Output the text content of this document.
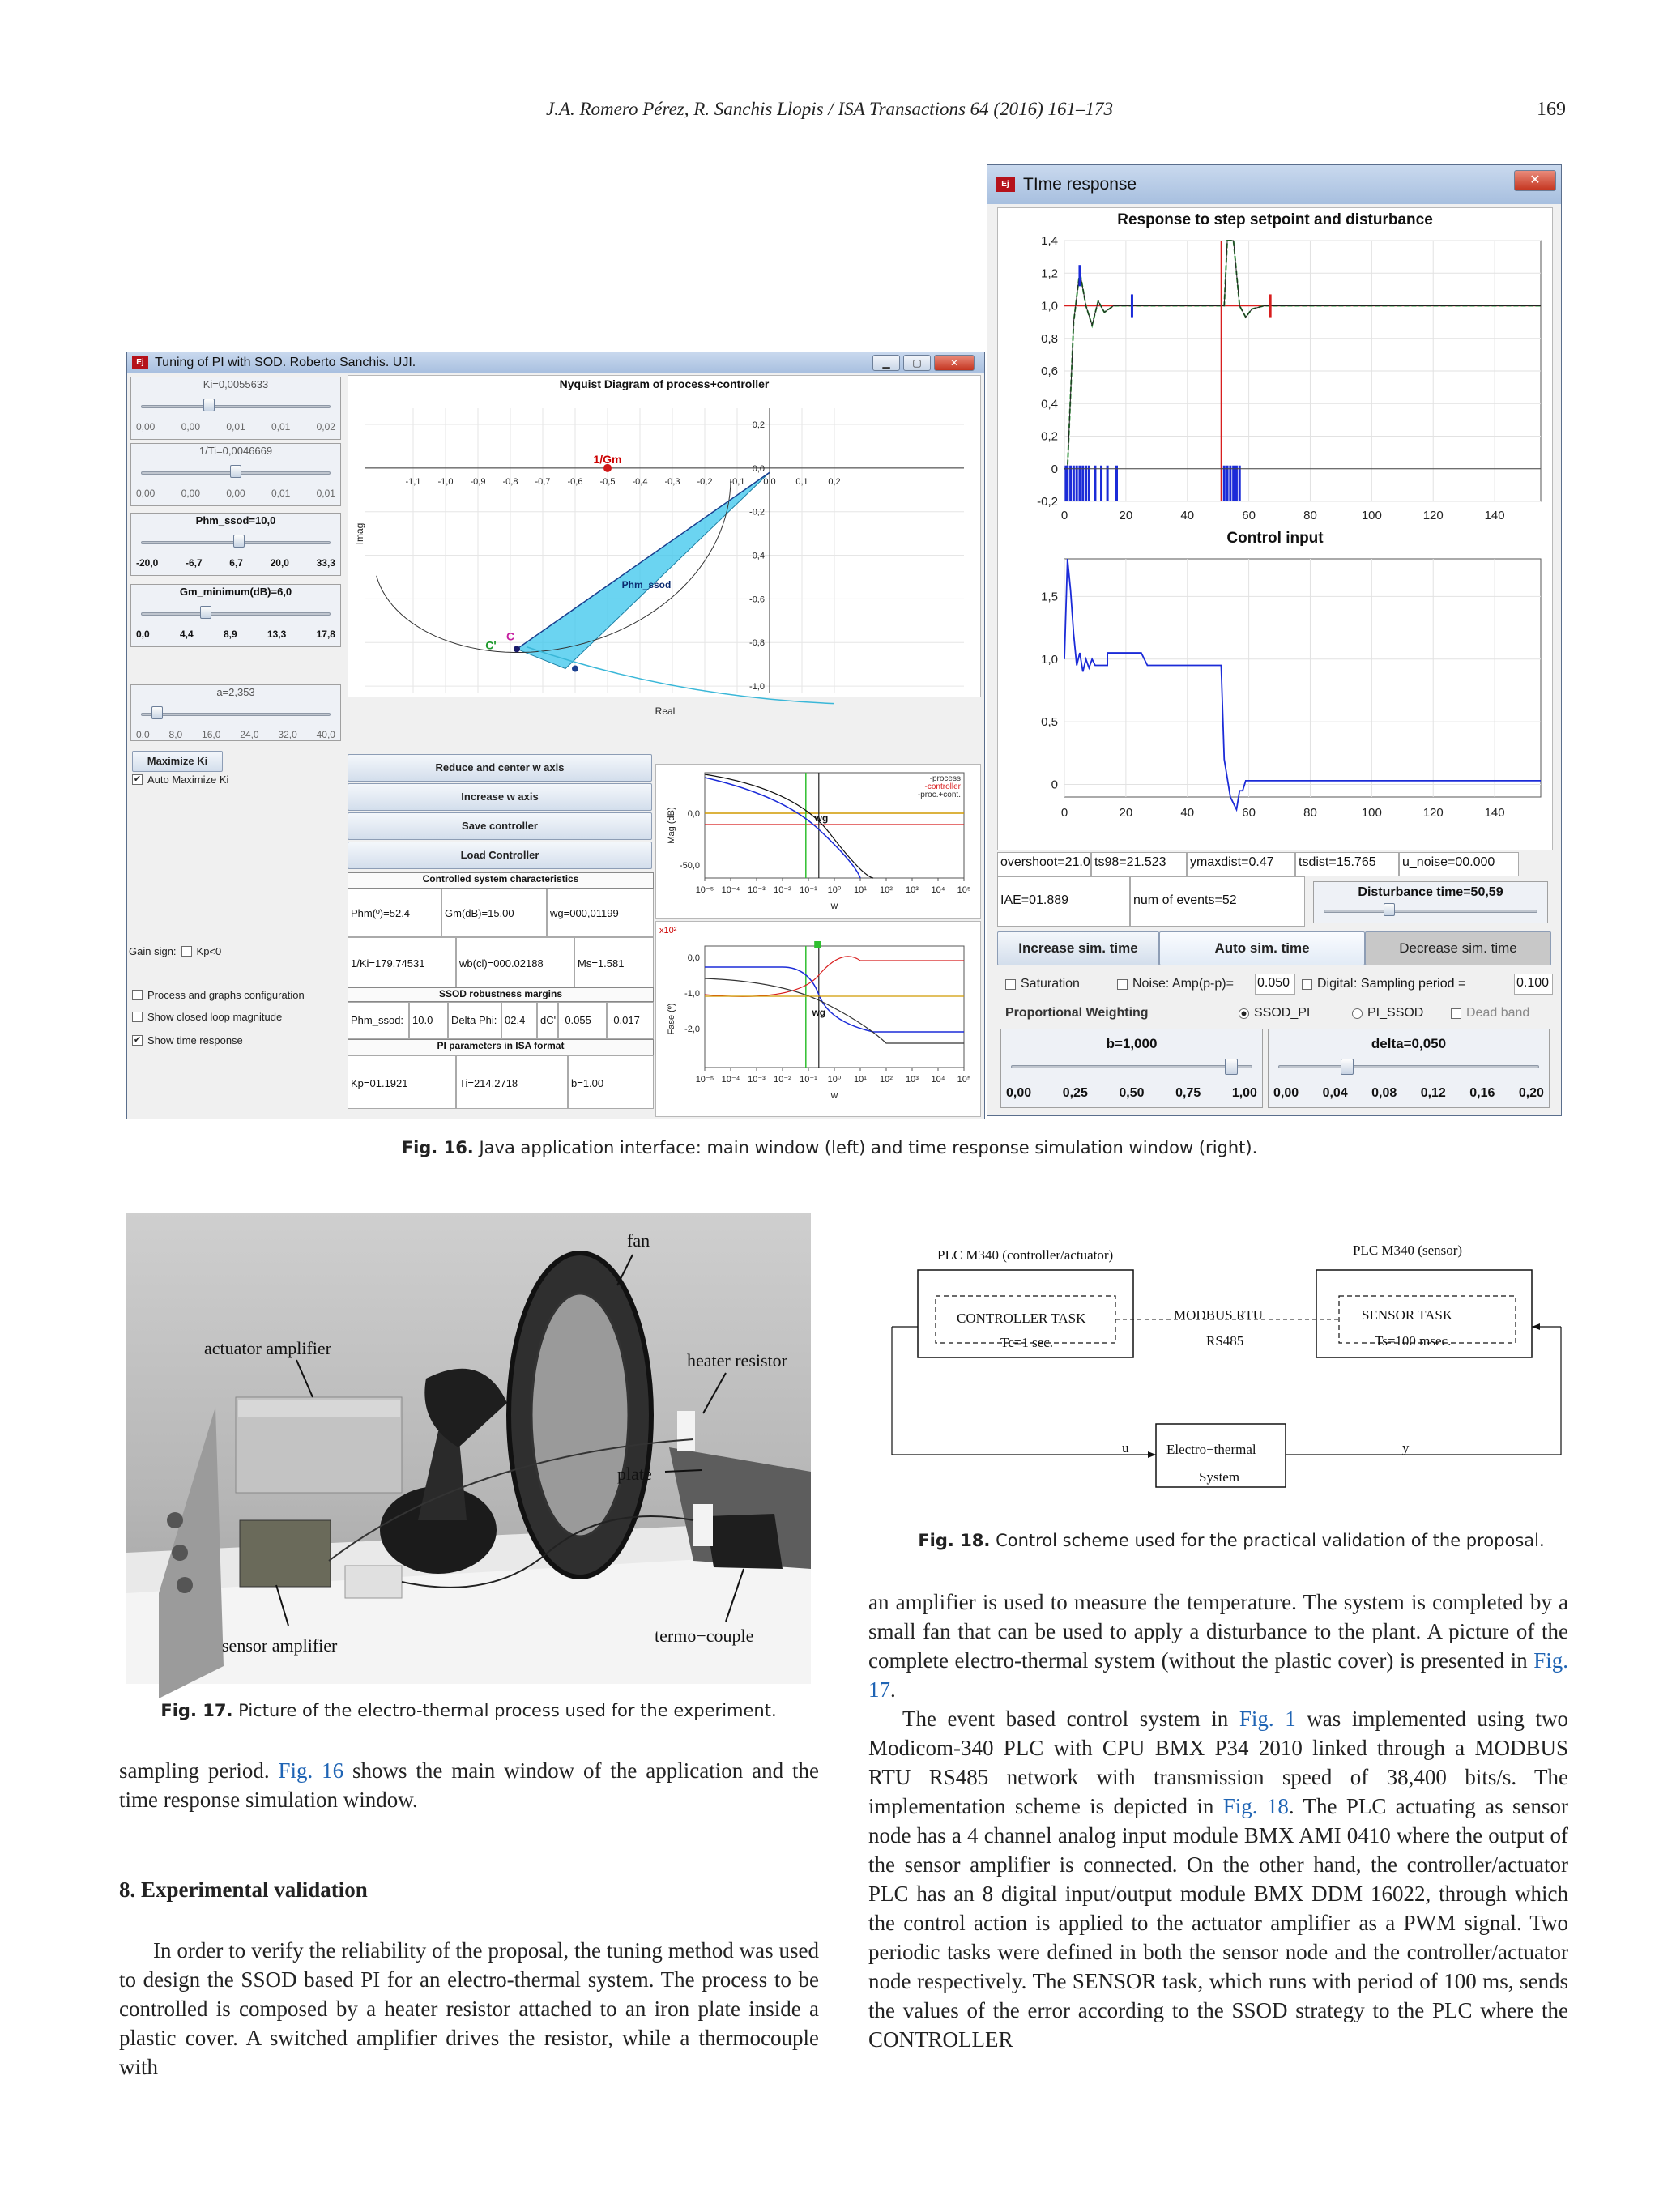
J.A. Romero Pérez, R. Sanchis Llopis / ISA Transactions 64 (2016) 161–173	169
Ej Tuning of PI with SOD. Roberto Sanchis. UJI.	▁	▢	✕
Ki=0,0055633
0,00	0,00	0,01	0,01	0,02
1/Ti=0,0046669
0,00	0,00	0,00	0,01	0,01
Phm_ssod=10,0
-20,0	-6,7	6,7	20,0	33,3
Gm_minimum(dB)=6,0
0,0	4,4	8,9	13,3	17,8
a=2,353
0,0 8,0 16,0 24,0 32,0 40,0
Maximize Ki
✔ Auto Maximize Ki
Process and graphs configuration
Show closed loop magnitude
✔ Show time response
Gain sign: Kp<0
Nyquist Diagram of process+controller
-1,1 -1,0 -0,9 -0,8 -0,7 -0,6 -0,5 -0,4 -0,3 -0,2 -0,1 0,0 0,1 0,2
0,2
0,0
-0,2
-0,4
-0,6
-0,8
-1,0
Real
Imag
1/Gm
C
C'
Phm_ssod
Reduce and center w axis
Increase w axis
Save controller
Load Controller
Controlled system characteristics
Phm(º)=52.4	Gm(dB)=15.00	wg=000,01199
1/Ki=179.74531	wb(cl)=000.02188	Ms=1.581
SSOD robustness margins
Phm_ssod: 10.0	Delta Phi: 02.4	dC' -0.055	-0.017
PI parameters in ISA format
Kp=01.1921	Ti=214.2718	b=1.00
10⁻⁵ 10⁻⁴ 10⁻³ 10⁻² 10⁻¹ 10⁰ 10¹ 10² 10³ 10⁴ 10⁵
w
0,0
-50,0
Mag (dB)	wg
-process
-controller
-proc.+cont.
10⁻⁵ 10⁻⁴ 10⁻³ 10⁻² 10⁻¹ 10⁰ 10¹ 10² 10³ 10⁴ 10⁵
w
x10²
0,0
-1,0
-2,0
Fase (º)	wg
Ej TIme response	✕
Response to step setpoint and disturbance
1,4
1,2
1,0
0,8
0,6
0,4
0,2
0
-0,2
0	20	40	60	80	100	120	140
Control input
1,5
1,0
0,5
0
0	20	40	60	80	100	120	140
overshoot=21.0 ts98=21.523	ymaxdist=0.47	tsdist=15.765	u_noise=00.000
IAE=01.889	num of events=52
Disturbance time=50,59
Increase sim. time	Auto sim. time	Decrease sim. time
Saturation	Noise: Amp(p-p)= 0.050	Digital : Sampling period =	0.100
Proportional Weighting	SSOD_PI	PI_SSOD	Dead band
b=1,000
0,00 0,25 0,50 0,75 1,00
delta=0,050
0,00 0,04 0,08 0,12 0,16 0,20
Fig. 16. Java application interface: main window (left) and time response simulation window (right).
fan
actuator amplifier
heater resistor
plate
sensor amplifier	termo−couple
Fig. 17. Picture of the electro-thermal process used for the experiment.
PLC M340 (controller/actuator)	PLC M340 (sensor)
CONTROLLER TASK
Tc=1 sec.
MODBUS RTU
RS485
SENSOR TASK
Ts=100 msec.
Electro−thermal
System
u	y
Fig. 18. Control scheme used for the practical validation of the proposal.

sampling period. Fig. 16 shows the main window of the application and the time response simulation window.

8. Experimental validation

In order to verify the reliability of the proposal, the tuning method was used to design the SSOD based PI for an electro-thermal system. The process to be controlled is composed by a heater resistor attached to an iron plate inside a plastic cover. A switched amplifier drives the resistor, while a thermocouple with

an amplifier is used to measure the temperature. The system is completed by a small fan that can be used to apply a disturbance to the plant. A picture of the complete electro-thermal system (without the plastic cover) is presented in Fig. 17.

The event based control system in Fig. 1 was implemented using two Modicom-340 PLC with CPU BMX P34 2010 linked through a MODBUS RTU RS485 network with transmission speed of 38,400 bits/s. The implementation scheme is depicted in Fig. 18. The PLC actuating as sensor node has a 4 channel analog input module BMX AMI 0410 where the output of the sensor amplifier is connected. On the other hand, the controller/actuator PLC has an 8 digital input/output module BMX DDM 16022, through which the control action is applied to the actuator amplifier as a PWM signal. Two periodic tasks were defined in both the sensor node and the controller/actuator node respectively. The SENSOR task, which runs with period of 100 ms, sends the values of the error according to the SSOD strategy to the PLC where the CONTROLLER
